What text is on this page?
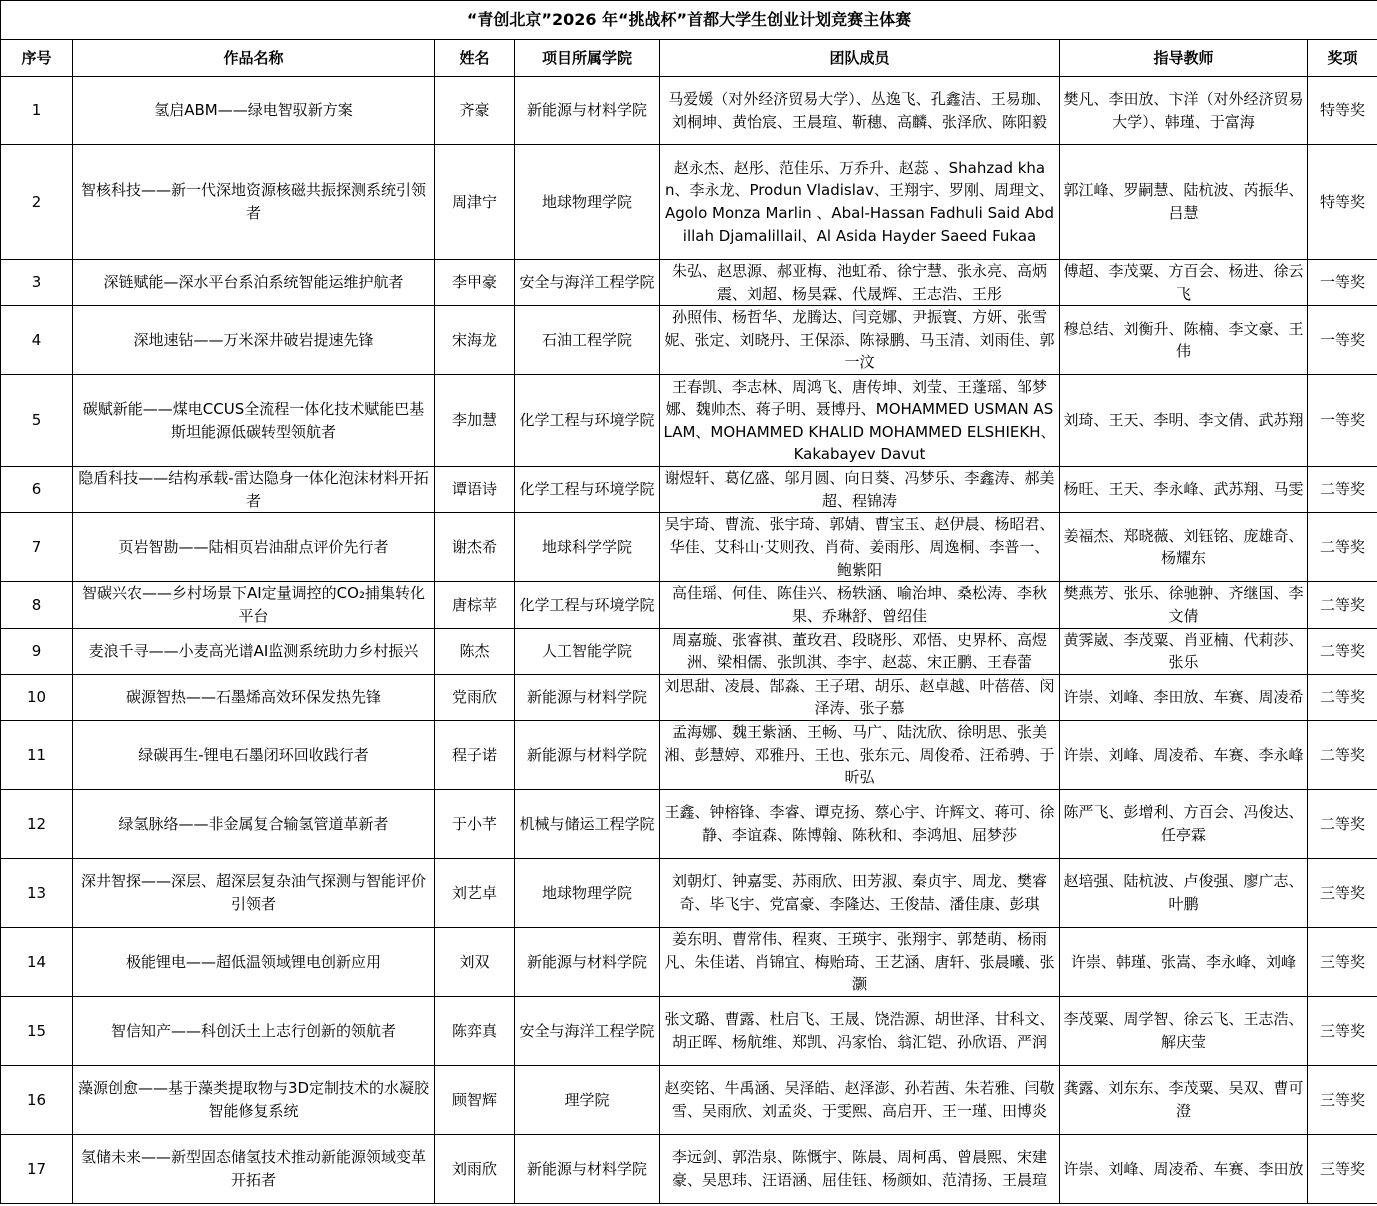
“青创北京”2026 年“挑战杯”首都大学生创业计划竞赛主体赛						
序号	作品名称	姓名	项目所属学院	团队成员	指导教师	奖项
1	氢启ABM——绿电智驭新方案	齐豪	新能源与材料学院	马爱媛（对外经济贸易大学）、丛逸飞、孔鑫洁、王易珈、刘桐坤、黄怡宸、王晨瑄、靳穗、高麟、张泽欣、陈阳毅	樊凡、李田放、卞洋（对外经济贸易大学）、韩瑾、于富海	特等奖
2	智核科技——新一代深地资源核磁共振探测系统引领者	周津宁	地球物理学院	赵永杰、赵彤、范佳乐、万乔升、赵蕊 、Shahzad khan、李永龙、Produn Vladislav、王翔宇、罗刚、周理文、Agolo Monza Marlin 、Abal-Hassan Fadhuli Said Abdillah Djamalillail、Al Asida Hayder Saeed Fukaa	郭江峰、罗嗣慧、陆杭波、芮振华、吕慧	特等奖
3	深链赋能—深水平台系泊系统智能运维护航者	李甲豪	安全与海洋工程学院	朱弘、赵思源、郝亚梅、池虹希、徐宁慧、张永亮、高炳震、刘超、杨昊霖、代晟辉、王志浩、王彤	傅超、李茂粟、方百会、杨进、徐云飞	一等奖
4	深地速钻——万米深井破岩提速先锋	宋海龙	石油工程学院	孙照伟、杨哲华、龙腾达、闫竞娜、尹振寰、方妍、张雪妮、张定、刘晓丹、王保添、陈禄鹏、马玉清、刘雨佳、郭一汶	穆总结、刘衡升、陈楠、李文豪、王伟	一等奖
5	碳赋新能——煤电CCUS全流程一体化技术赋能巴基斯坦能源低碳转型领航者	李加慧	化学工程与环境学院	王春凯、李志林、周鸿飞、唐传坤、刘莹、王蓬瑶、邹梦娜、魏帅杰、蒋子明、聂博丹、MOHAMMED USMAN ASLAM、MOHAMMED KHALID MOHAMMED ELSHIEKH、Kakabayev Davut	刘琦、王天、李明、李文倩、武苏翔	一等奖
6	隐盾科技——结构承载-雷达隐身一体化泡沫材料开拓者	谭语诗	化学工程与环境学院	谢煜轩、葛亿盛、邬月圆、向日葵、冯梦乐、李鑫涛、郝美超、程锦涛	杨旺、王天、李永峰、武苏翔、马雯	二等奖
7	页岩智勘——陆相页岩油甜点评价先行者	谢杰希	地球科学学院	吴宇琦、曹流、张宇琦、郭婧、曹宝玉、赵伊晨、杨昭君、华佳、艾科山·艾则孜、肖荷、姜雨彤、周逸桐、李普一、鲍紫阳	姜福杰、郑晓薇、刘钰铭、庞雄奇、杨耀东	二等奖
8	智碳兴农——乡村场景下AI定量调控的CO₂捕集转化平台	唐棕苹	化学工程与环境学院	高佳瑶、何佳、陈佳兴、杨轶涵、喻治坤、桑松涛、李秋果、乔琳舒、曾绍佳	樊燕芳、张乐、徐驰翀、齐继国、李文倩	二等奖
9	麦浪千寻——小麦高光谱AI监测系统助力乡村振兴	陈杰	人工智能学院	周嘉璇、张睿祺、董玫君、段晓彤、邓悟、史界杯、高煜洲、梁相儒、张凯淇、李宇、赵蕊、宋正鹏、王春蕾	黄霁崴、李茂粟、肖亚楠、代莉莎、张乐	二等奖
10	碳源智热——石墨烯高效环保发热先锋	党雨欣	新能源与材料学院	刘思甜、凌晨、郜淼、王子珺、胡乐、赵卓越、叶蓓蓓、闵泽涛、张子慕	许崇、刘峰、李田放、车赛、周凌希	二等奖
11	绿碳再生-锂电石墨闭环回收践行者	程子诺	新能源与材料学院	孟海娜、魏王紫涵、王畅、马广、陆沈欣、徐明思、张美湘、彭慧婷、邓雅丹、王也、张东元、周俊希、汪希骋、于昕弘	许崇、刘峰、周凌希、车赛、李永峰	二等奖
12	绿氢脉络——非金属复合输氢管道革新者	于小芊	机械与储运工程学院	王鑫、钟榕锋、李睿、谭克扬、蔡心宇、许辉文、蒋可、徐静、李谊森、陈博翰、陈秋和、李鸿旭、屈梦莎	陈严飞、彭增利、方百会、冯俊达、任亭霖	二等奖
13	深井智探——深层、超深层复杂油气探测与智能评价引领者	刘艺卓	地球物理学院	刘朝灯、钟嘉雯、苏雨欣、田芳淑、秦贞宇、周龙、樊睿奇、毕飞宇、党富豪、李隆达、王俊喆、潘佳康、彭琪	赵培强、陆杭波、卢俊强、廖广志、叶鹏	三等奖
14	极能锂电——超低温领域锂电创新应用	刘双	新能源与材料学院	姜东明、曹常伟、程爽、王瑛宇、张翔宇、郭楚萌、杨雨凡、朱佳诺、肖锦宜、梅贻琦、王艺涵、唐轩、张晨曦、张灏	许崇、韩瑾、张嵩、李永峰、刘峰	三等奖
15	智信知产——科创沃土上志行创新的领航者	陈弈真	安全与海洋工程学院	张文璐、曹露、杜启飞、王晟、饶浩源、胡世泽、甘科文、胡正晖、杨航维、郑凯、冯家怡、翁汇铠、孙欣语、严润	李茂粟、周学智、徐云飞、王志浩、解庆莹	三等奖
16	藻源创愈——基于藻类提取物与3D定制技术的水凝胶智能修复系统	顾智辉	理学院	赵奕铭、牛禹涵、吴泽皓、赵泽澎、孙若茜、朱若雅、闫敬雪、吴雨欣、刘孟炎、于雯熙、高启开、王一瑾、田博炎	龚露、刘东东、李茂粟、吴双、曹可澄	三等奖
17	氢储未来——新型固态储氢技术推动新能源领域变革开拓者	刘雨欣	新能源与材料学院	李远剑、郭浩泉、陈慨宇、陈晨、周柯禹、曾晨熙、宋建豪、吴思玮、汪语涵、屈佳钰、杨颜如、范清扬、王晨瑄	许崇、刘峰、周凌希、车赛、李田放	三等奖
